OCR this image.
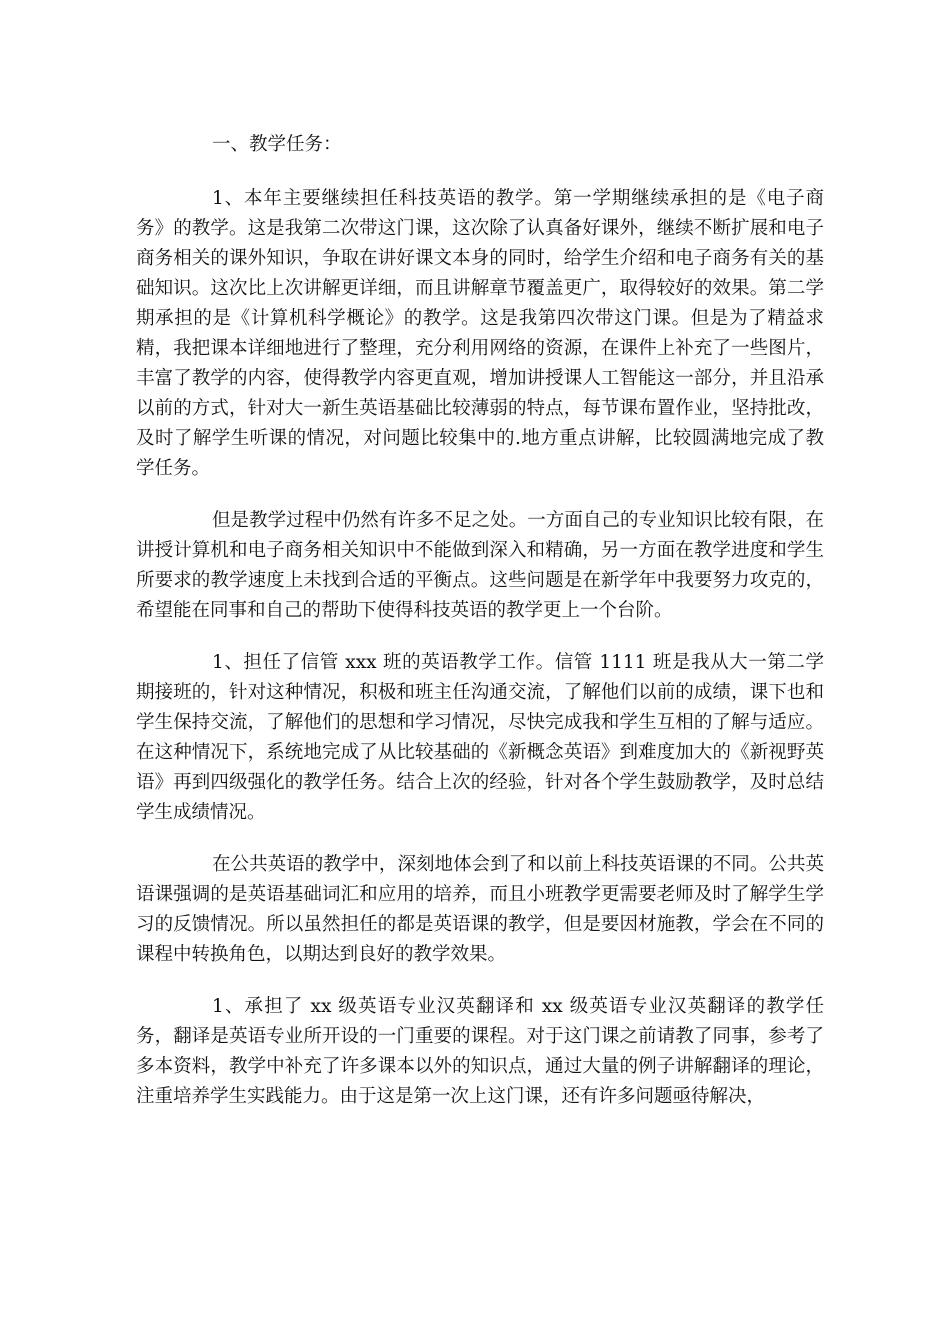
一、教学任务：

1、本年主要继续担任科技英语的教学。第一学期继续承担的是《电子商务》的教学。这是我第二次带这门课，这次除了认真备好课外，继续不断扩展和电子商务相关的课外知识，争取在讲好课文本身的同时，给学生介绍和电子商务有关的基础知识。这次比上次讲解更详细，而且讲解章节覆盖更广，取得较好的效果。第二学期承担的是《计算机科学概论》的教学。这是我第四次带这门课。但是为了精益求精，我把课本详细地进行了整理，充分利用网络的资源，在课件上补充了一些图片，丰富了教学的内容，使得教学内容更直观，增加讲授课人工智能这一部分，并且沿承以前的方式，针对大一新生英语基础比较薄弱的特点，每节课布置作业，坚持批改，及时了解学生听课的情况，对问题比较集中的.地方重点讲解，比较圆满地完成了教学任务。

但是教学过程中仍然有许多不足之处。一方面自己的专业知识比较有限，在讲授计算机和电子商务相关知识中不能做到深入和精确，另一方面在教学进度和学生所要求的教学速度上未找到合适的平衡点。这些问题是在新学年中我要努力攻克的，希望能在同事和自己的帮助下使得科技英语的教学更上一个台阶。

1、担任了信管 xxx 班的英语教学工作。信管 1111 班是我从大一第二学期接班的，针对这种情况，积极和班主任沟通交流，了解他们以前的成绩，课下也和学生保持交流，了解他们的思想和学习情况，尽快完成我和学生互相的了解与适应。在这种情况下，系统地完成了从比较基础的《新概念英语》到难度加大的《新视野英语》再到四级强化的教学任务。结合上次的经验，针对各个学生鼓励教学，及时总结学生成绩情况。

在公共英语的教学中，深刻地体会到了和以前上科技英语课的不同。公共英语课强调的是英语基础词汇和应用的培养，而且小班教学更需要老师及时了解学生学习的反馈情况。所以虽然担任的都是英语课的教学，但是要因材施教，学会在不同的课程中转换角色，以期达到良好的教学效果。

1、承担了 xx 级英语专业汉英翻译和 xx 级英语专业汉英翻译的教学任务，翻译是英语专业所开设的一门重要的课程。对于这门课之前请教了同事，参考了多本资料，教学中补充了许多课本以外的知识点，通过大量的例子讲解翻译的理论，注重培养学生实践能力。由于这是第一次上这门课，还有许多问题亟待解决，
